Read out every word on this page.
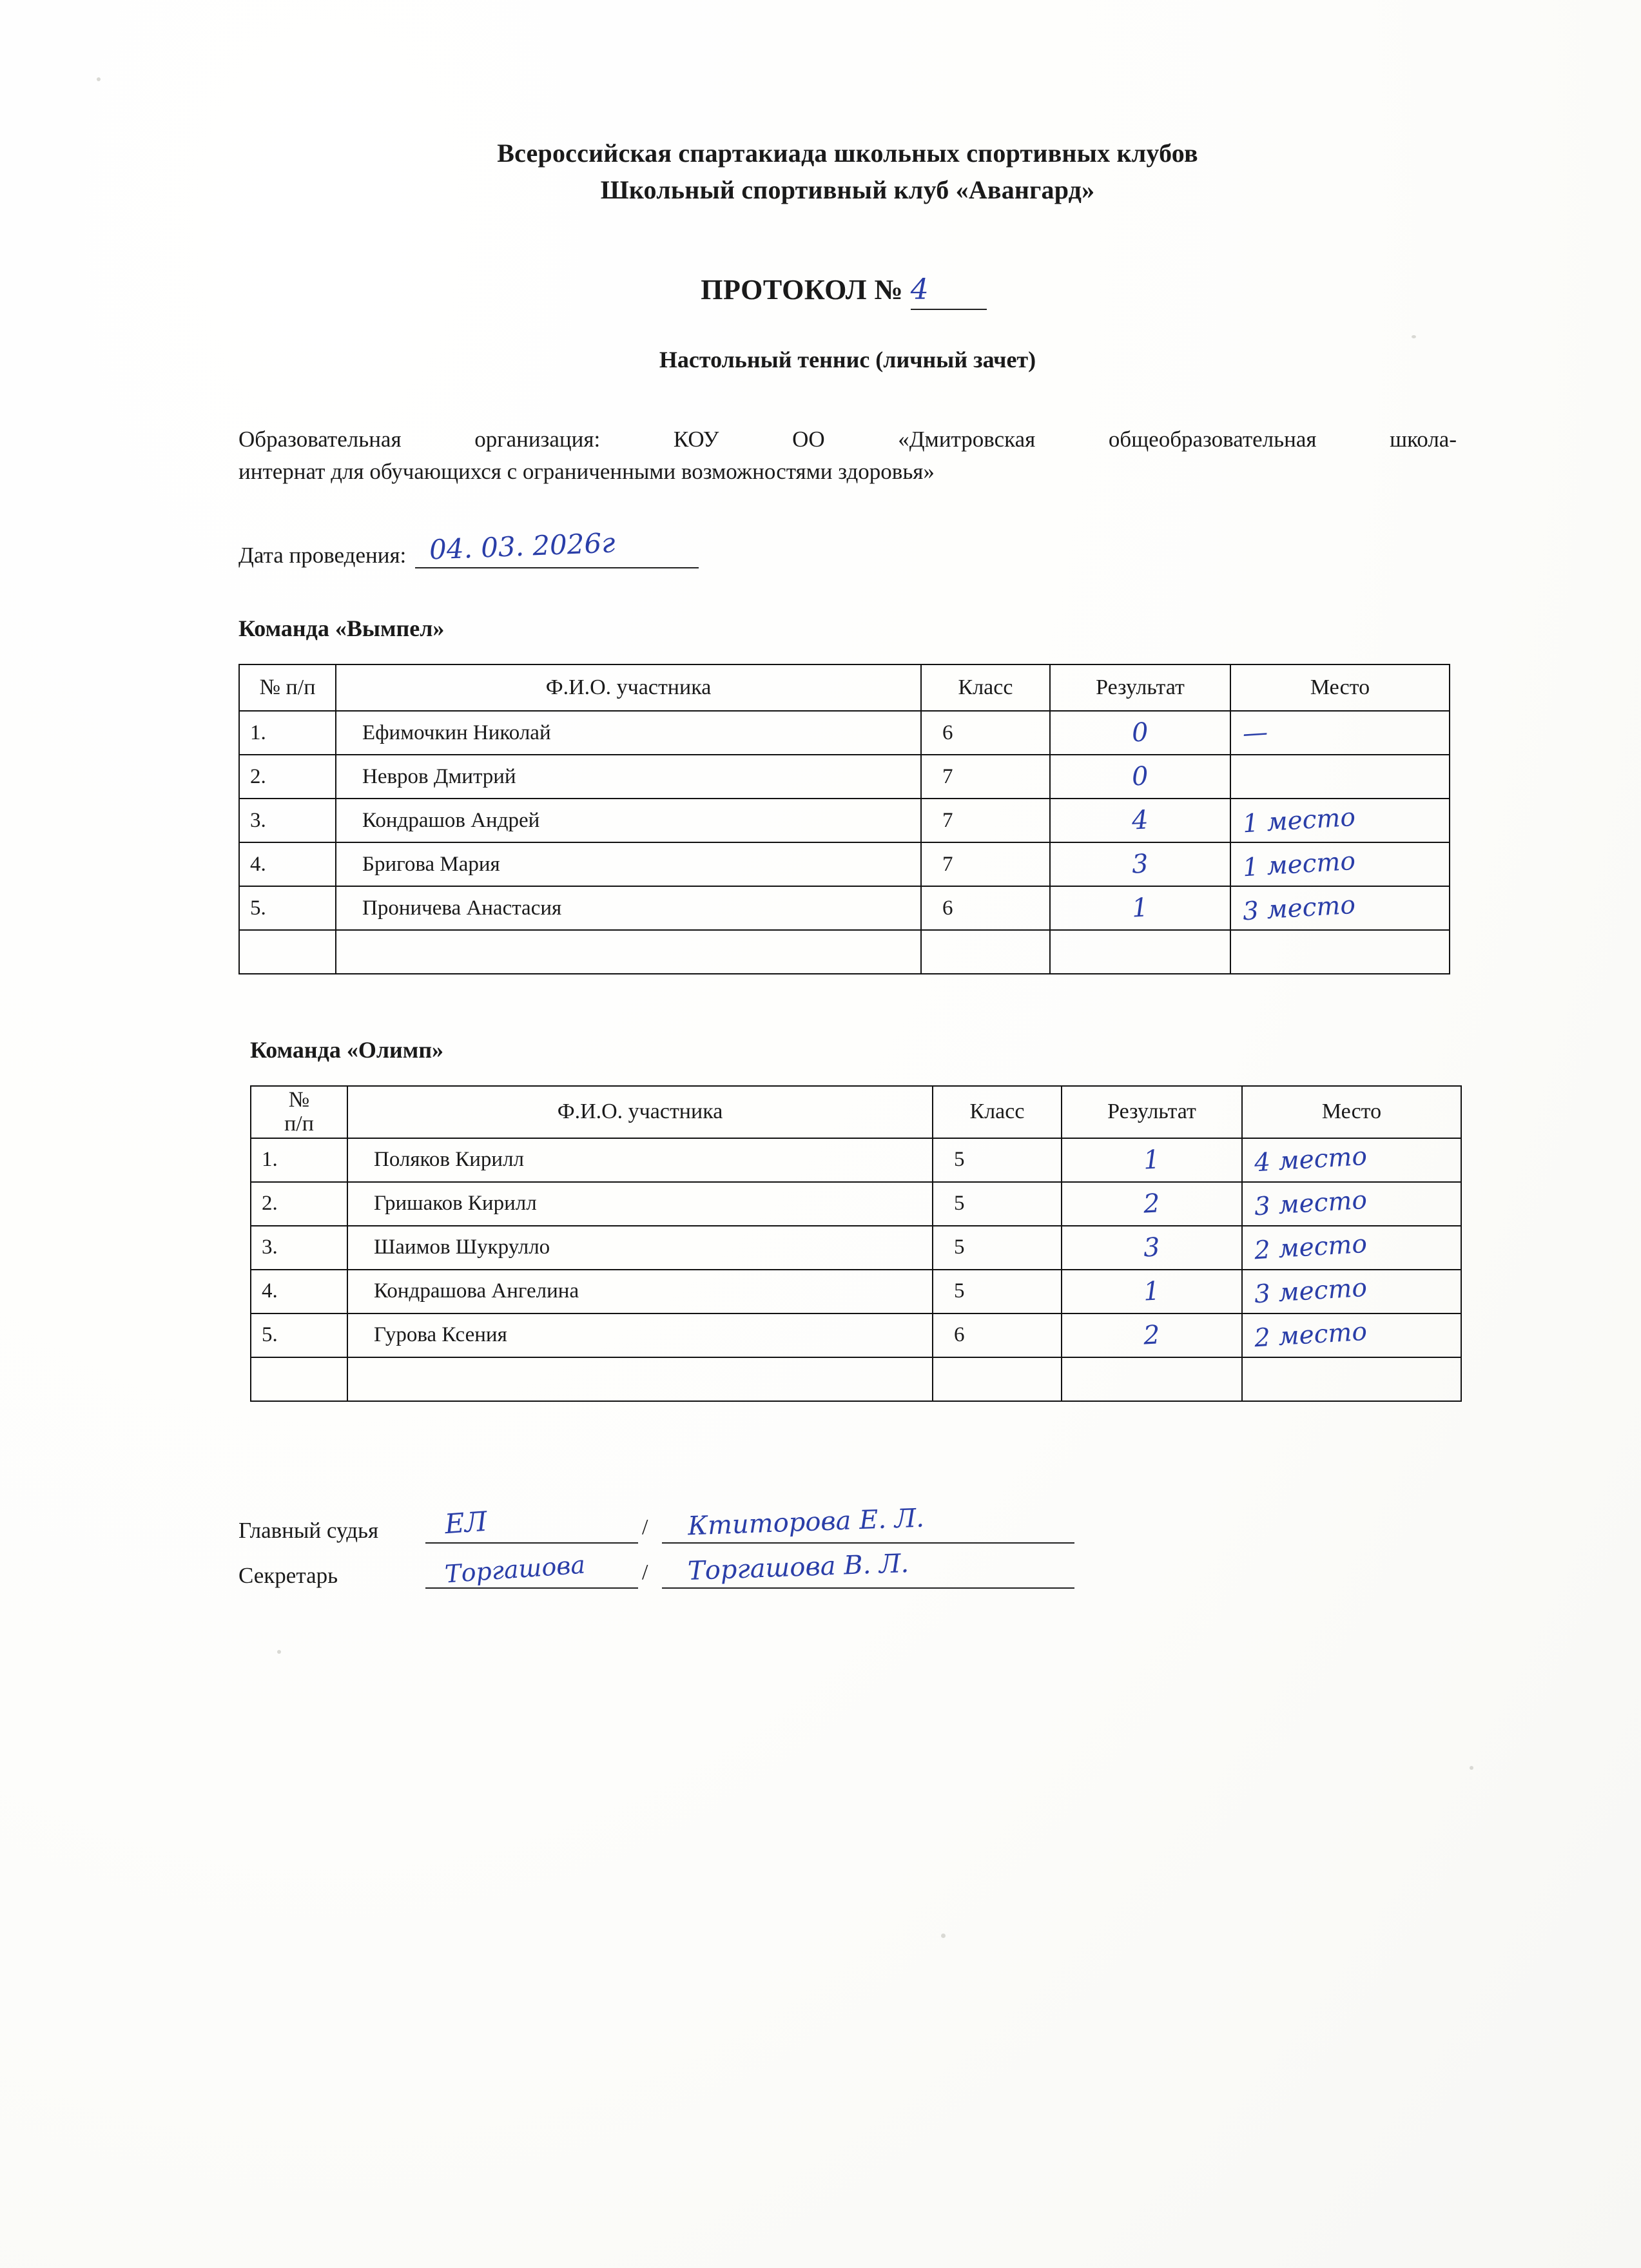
Всероссийская спартакиада школьных спортивных клубов
Школьный спортивный клуб «Авангард»
ПРОТОКОЛ № 4
Настольный теннис (личный зачет)
Образовательная организация:	КОУ ОО «Дмитровская общеобразовательная школа-
интернат для обучающихся с ограниченными возможностями здоровья»
Дата проведения: 04. 03. 2026г
Команда «Вымпел»
№ п/п	Ф.И.О. участника	Класс	Результат	Место
1.	Ефимочкин Николай	6	0	—
2.	Невров Дмитрий	7	0	
3.	Кондрашов Андрей	7	4	1 место
4.	Бригова Мария	7	3	1 место
5.	Проничева Анастасия	6	1	3 место

Команда «Олимп»
№
п/п	Ф.И.О. участника	Класс	Результат	Место
1.	Поляков Кирилл	5	1	4 место
2.	Гришаков Кирилл	5	2	3 место
3.	Шаимов Шукрулло	5	3	2 место
4.	Кондрашова Ангелина	5	1	3 место
5.	Гурова Ксения	6	2	2 место

Главный судья	ЕЛ	/ Ктиторова Е. Л.
Секретарь	Торгашова	/ Торгашова В. Л.
